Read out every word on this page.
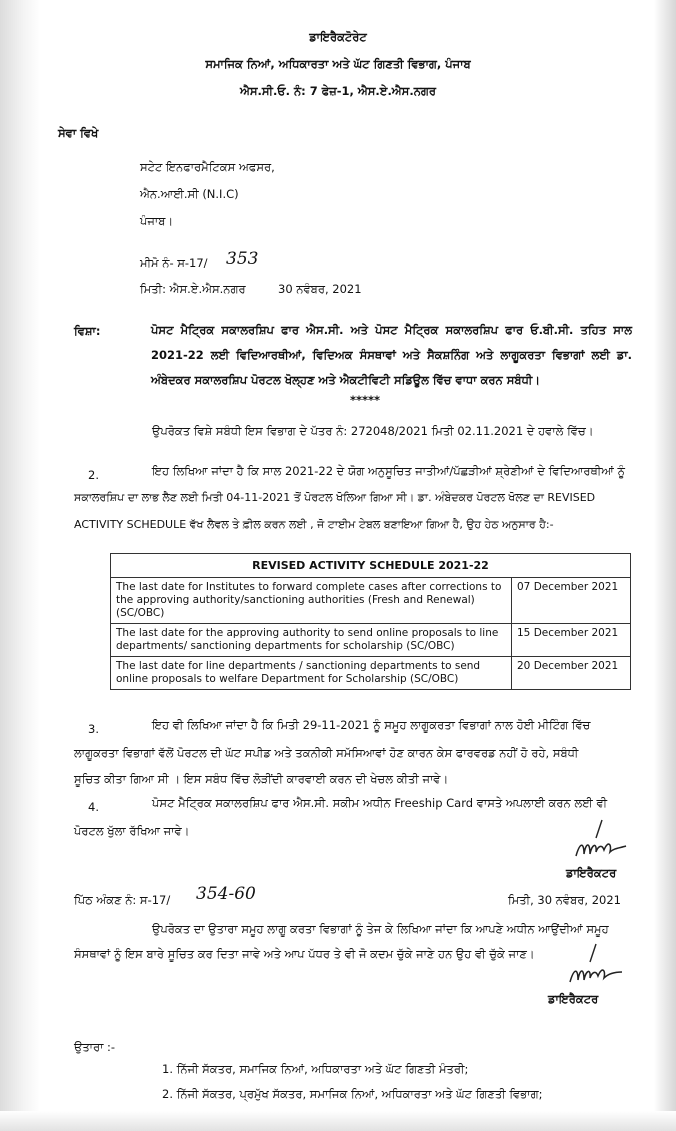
ਡਾਇਰੈਕਟੋਰੇਟ
ਸਮਾਜਿਕ ਨਿਆਂ, ਅਧਿਕਾਰਤਾ ਅਤੇ ਘੱਟ ਗਿਣਤੀ ਵਿਭਾਗ, ਪੰਜਾਬ
ਐਸ.ਸੀ.ਓ. ਨੰ: 7 ਫੇਜ਼-1, ਐਸ.ਏ.ਐਸ.ਨਗਰ
ਸੇਵਾ ਵਿਖੇ
ਸਟੇਟ ਇਨਫਾਰਮੈਟਿਕਸ ਅਫਸਰ,
ਐਨ.ਆਈ.ਸੀ (N.I.C)
ਪੰਜਾਬ।
ਮੀਮੋ ਨੰ- ਸ-17/ 353
ਮਿਤੀ: ਐਸ.ਏ.ਐਸ.ਨਗਰ	30 ਨਵੰਬਰ, 2021
ਵਿਸ਼ਾ:	ਪੋਸਟ ਮੈਟ੍ਰਿਕ ਸਕਾਲਰਸ਼ਿਪ ਫਾਰ ਐਸ.ਸੀ. ਅਤੇ ਪੋਸਟ ਮੈਟ੍ਰਿਕ ਸਕਾਲਰਸ਼ਿਪ ਫਾਰ ਓ.ਬੀ.ਸੀ. ਤਹਿਤ ਸਾਲ 2021-22 ਲਈ ਵਿਦਿਆਰਥੀਆਂ, ਵਿਦਿਅਕ ਸੰਸਥਾਵਾਂ ਅਤੇ ਸੈਕਸ਼ਨਿੰਗ ਅਤੇ ਲਾਗੂਕਰਤਾ ਵਿਭਾਗਾਂ ਲਈ ਡਾ. ਅੰਬੇਦਕਰ ਸਕਾਲਰਸ਼ਿਪ ਪੋਰਟਲ ਖੋਲ੍ਹਣ ਅਤੇ ਐਕਟੀਵਿਟੀ ਸਡਿਊਲ ਵਿੱਚ ਵਾਧਾ ਕਰਨ ਸਬੰਧੀ।
*****
ਉਪਰੋਕਤ ਵਿਸ਼ੇ ਸਬੰਧੀ ਇਸ ਵਿਭਾਗ ਦੇ ਪੱਤਰ ਨੰ: 272048/2021 ਮਿਤੀ 02.11.2021 ਦੇ ਹਵਾਲੇ ਵਿੱਚ।
2.	ਇਹ ਲਿਖਿਆ ਜਾਂਦਾ ਹੈ ਕਿ ਸਾਲ 2021-22 ਦੇ ਯੋਗ ਅਨੁਸੂਚਿਤ ਜਾਤੀਆਂ/ਪੱਛੜੀਆਂ ਸ਼੍ਰੇਣੀਆਂ ਦੇ ਵਿਦਿਆਰਥੀਆਂ ਨੂੰ
ਸਕਾਲਰਸ਼ਿਪ ਦਾ ਲਾਭ ਲੈਣ ਲਈ ਮਿਤੀ 04-11-2021 ਤੋਂ ਪੋਰਟਲ ਖੋਲਿਆ ਗਿਆ ਸੀ। ਡਾ. ਅੰਬੇਦਕਰ ਪੋਰਟਲ ਖੋਲਣ ਦਾ REVISED
ACTIVITY SCHEDULE ਵੱਖ ਲੈਵਲ ਤੇ ਫ਼ੀਲ ਕਰਨ ਲਈ , ਜੋ ਟਾਈਮ ਟੇਬਲ ਬਣਾਇਆ ਗਿਆ ਹੈ, ਉਹ ਹੇਠ ਅਨੁਸਾਰ ਹੈ:-
REVISED ACTIVITY SCHEDULE 2021-22	
The last date for Institutes to forward complete cases after corrections to the approving authority/sanctioning authorities (Fresh and Renewal) (SC/OBC)	07 December 2021
The last date for the approving authority to send online proposals to line departments/ sanctioning departments for scholarship (SC/OBC)	15 December 2021
The last date for line departments / sanctioning departments to send online proposals to welfare Department for Scholarship (SC/OBC)	20 December 2021
3.	ਇਹ ਵੀ ਲਿਖਿਆ ਜਾਂਦਾ ਹੈ ਕਿ ਮਿਤੀ 29-11-2021 ਨੂੰ ਸਮੂਹ ਲਾਗੂਕਰਤਾ ਵਿਭਾਗਾਂ ਨਾਲ ਹੋਈ ਮੀਟਿੰਗ ਵਿੱਚ
ਲਾਗੂਕਰਤਾ ਵਿਭਾਗਾਂ ਵੱਲੋਂ ਪੋਰਟਲ ਦੀ ਘੱਟ ਸਪੀਡ ਅਤੇ ਤਕਨੀਕੀ ਸਮੱਸਿਆਵਾਂ ਹੋਣ ਕਾਰਨ ਕੇਸ ਫਾਰਵਰਡ ਨਹੀਂ ਹੋ ਰਹੇ, ਸਬੰਧੀ
ਸੂਚਿਤ ਕੀਤਾ ਗਿਆ ਸੀ । ਇਸ ਸਬੰਧ ਵਿੱਚ ਲੋੜੀਂਦੀ ਕਾਰਵਾਈ ਕਰਨ ਦੀ ਖੇਚਲ ਕੀਤੀ ਜਾਵੇ।
4.	ਪੋਸਟ ਮੈਟ੍ਰਿਕ ਸਕਾਲਰਸ਼ਿਪ ਫਾਰ ਐਸ.ਸੀ. ਸਕੀਮ ਅਧੀਨ Freeship Card ਵਾਸਤੇ ਅਪਲਾਈ ਕਰਨ ਲਈ ਵੀ
ਪੋਰਟਲ ਖੁੱਲਾ ਰੱਖਿਆ ਜਾਵੇ।
ਡਾਇਰੈਕਟਰ
ਪਿੱਠ ਅੰਕਣ ਨੰ: ਸ-17/ 354-60	ਮਿਤੀ, 30 ਨਵੰਬਰ, 2021
ਉਪਰੋਕਤ ਦਾ ਉਤਾਰਾ ਸਮੂਹ ਲਾਗੂ ਕਰਤਾ ਵਿਭਾਗਾਂ ਨੂੰ ਤੇਜ ਕੇ ਲਿਖਿਆ ਜਾਂਦਾ ਕਿ ਆਪਣੇ ਅਧੀਨ ਆਉਂਦੀਆਂ ਸਮੂਹ
ਸੰਸਥਾਵਾਂ ਨੂੰ ਇਸ ਬਾਰੇ ਸੂਚਿਤ ਕਰ ਦਿਤਾ ਜਾਵੇ ਅਤੇ ਆਪ ਪੱਧਰ ਤੇ ਵੀ ਜੋ ਕਦਮ ਚੁੱਕੇ ਜਾਣੇ ਹਨ ਉਹ ਵੀ ਚੁੱਕੇ ਜਾਣ।
ਡਾਇਰੈਕਟਰ
ਉਤਾਰਾ :-
1. ਨਿੱਜੀ ਸੱਕਤਰ, ਸਮਾਜਿਕ ਨਿਆਂ, ਅਧਿਕਾਰਤਾ ਅਤੇ ਘੱਟ ਗਿਣਤੀ ਮੰਤਰੀ;
2. ਨਿੱਜੀ ਸੱਕਤਰ, ਪ੍ਰਮੁੱਖ ਸੱਕਤਰ, ਸਮਾਜਿਕ ਨਿਆਂ, ਅਧਿਕਾਰਤਾ ਅਤੇ ਘੱਟ ਗਿਣਤੀ ਵਿਭਾਗ;
